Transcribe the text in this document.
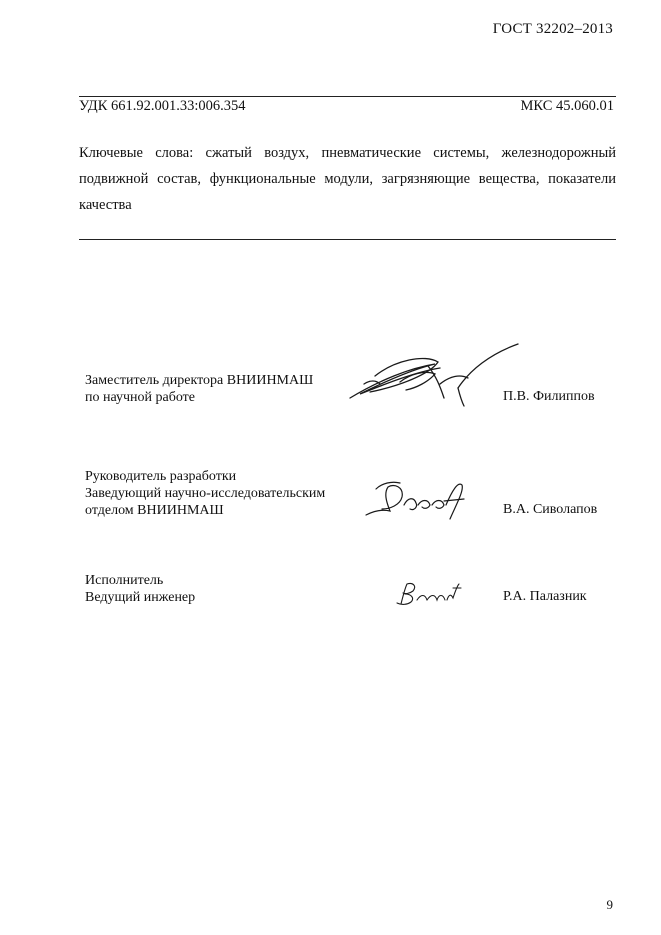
ГОСТ 32202–2013
УДК 661.92.001.33:006.354	МКС 45.060.01
Ключевые слова: сжатый воздух, пневматические системы, железнодорожный подвижной состав, функциональные модули, загрязняющие вещества, показатели качества
Заместитель директора ВНИИНМАШ
по научной работе	П.В. Филиппов
Руководитель разработки
Заведующий научно-исследовательским
отделом ВНИИНМАШ	В.А. Сиволапов
Исполнитель
Ведущий инженер	Р.А. Палазник
9
